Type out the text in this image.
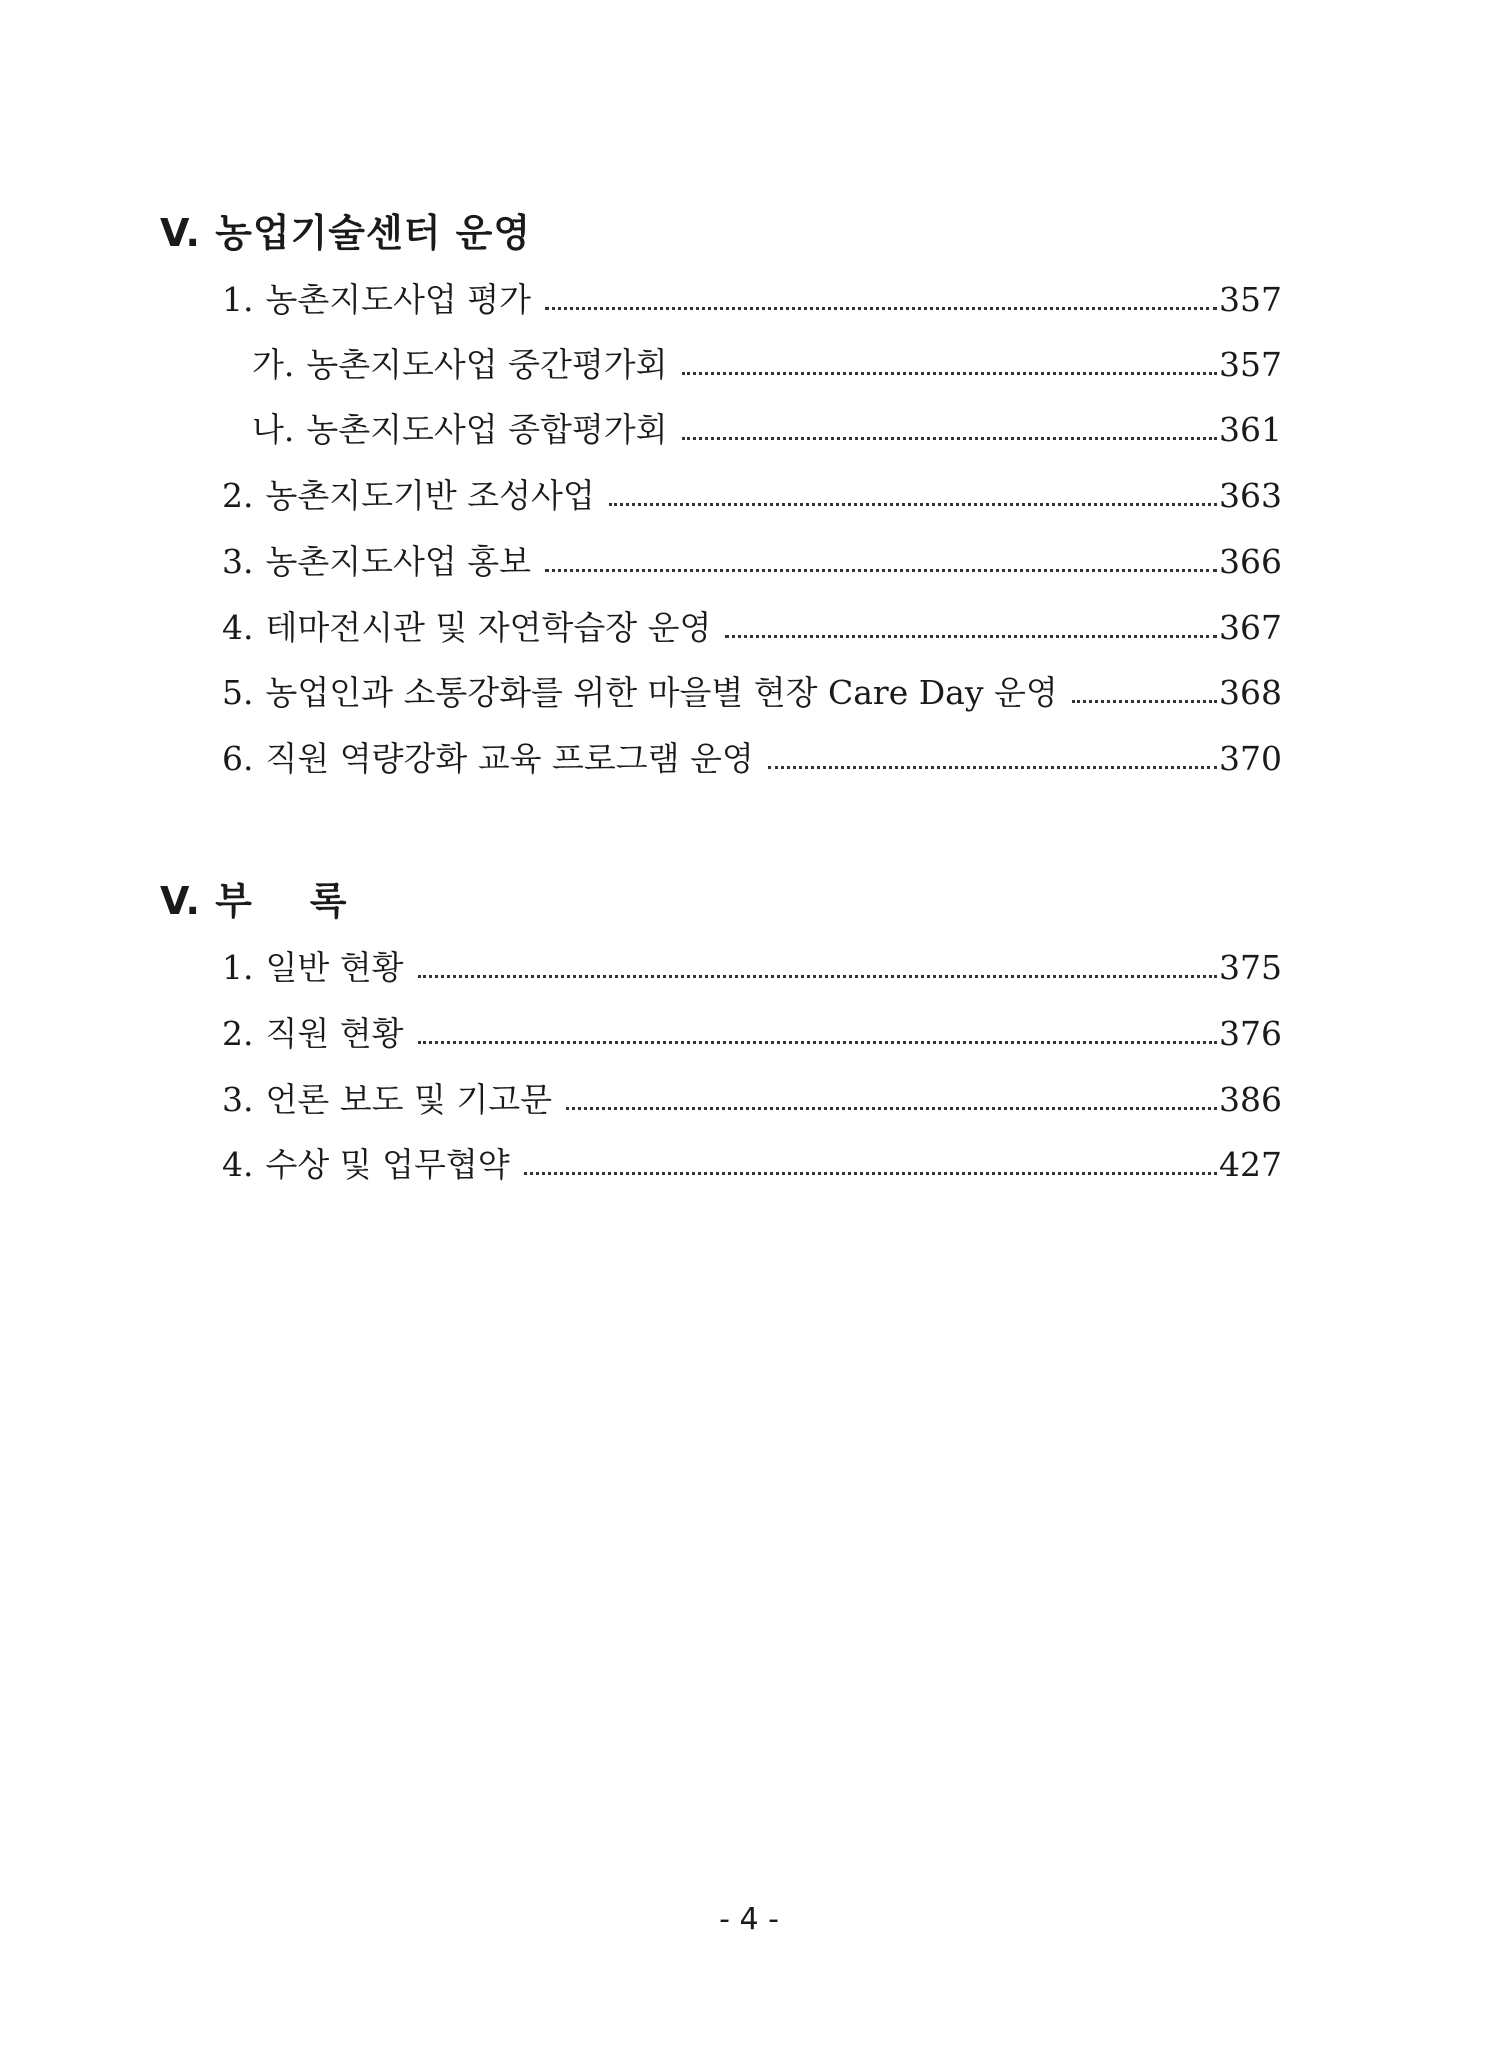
V. 농업기술센터 운영
1. 농촌지도사업 평가	357
가. 농촌지도사업 중간평가회	357
나. 농촌지도사업 종합평가회	361
2. 농촌지도기반 조성사업	363
3. 농촌지도사업 홍보	366
4. 테마전시관 및 자연학습장 운영	367
5. 농업인과 소통강화를 위한 마을별 현장 Care Day 운영	368
6. 직원 역량강화 교육 프로그램 운영	370
V. 부    록
1. 일반 현황	375
2. 직원 현황	376
3. 언론 보도 및 기고문	386
4. 수상 및 업무협약	427
- 4 -
